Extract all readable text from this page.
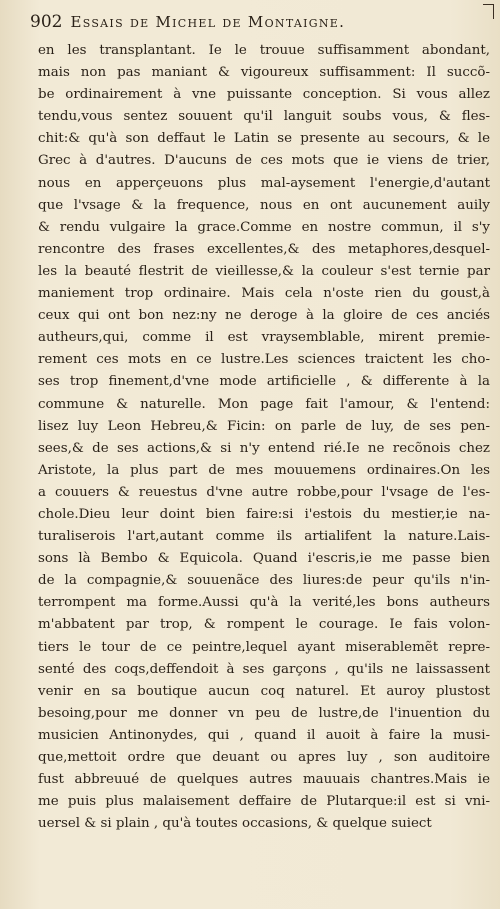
902 Essais de Michel de Montaigne.
en les transplantant. Ie le trouue suffisamment abondant,
mais non pas maniant & vigoureux suffisamment: Il succõ-
be ordinairement à vne puissante conception. Si vous allez
tendu,vous sentez souuent qu'il languit soubs vous, & fles-
chit:& qu'à son deffaut le Latin se presente au secours, & le
Grec à d'autres. D'aucuns de ces mots que ie viens de trier,
nous en apperçeuons plus mal-aysement l'energie,d'autant
que l'vsage & la frequence, nous en ont aucunement auily
& rendu vulgaire la grace.Comme en nostre commun, il s'y
rencontre des frases excellentes,& des metaphores,desquel-
les la beauté flestrit de vieillesse,& la couleur s'est ternie par
maniement trop ordinaire. Mais cela n'oste rien du goust,à
ceux qui ont bon nez:ny ne deroge à la gloire de ces anciés
autheurs,qui, comme il est vraysemblable, mirent premie-
rement ces mots en ce lustre.Les sciences traictent les cho-
ses trop finement,d'vne mode artificielle , & differente à la
commune & naturelle. Mon page fait l'amour, & l'entend:
lisez luy Leon Hebreu,& Ficin: on parle de luy, de ses pen-
sees,& de ses actions,& si n'y entend rié.Ie ne recõnois chez
Aristote, la plus part de mes mouuemens ordinaires.On les
a couuers & reuestus d'vne autre robbe,pour l'vsage de l'es-
chole.Dieu leur doint bien faire:si i'estois du mestier,ie na-
turaliserois l'art,autant comme ils artialifent la nature.Lais-
sons là Bembo & Equicola. Quand i'escris,ie me passe bien
de la compagnie,& souuenãce des liures:de peur qu'ils n'in-
terrompent ma forme.Aussi qu'à la verité,les bons autheurs
m'abbatent par trop, & rompent le courage. Ie fais volon-
tiers le tour de ce peintre,lequel ayant miserablemẽt repre-
senté des coqs,deffendoit à ses garçons , qu'ils ne laissassent
venir en sa boutique aucun coq naturel. Et auroy plustost
besoing,pour me donner vn peu de lustre,de l'inuention du
musicien Antinonydes, qui , quand il auoit à faire la musi-
que,mettoit ordre que deuant ou apres luy , son auditoire
fust abbreuué de quelques autres mauuais chantres.Mais ie
me puis plus malaisement deffaire de Plutarque:il est si vni-
uersel & si plain , qu'à toutes occasions, & quelque suiect
